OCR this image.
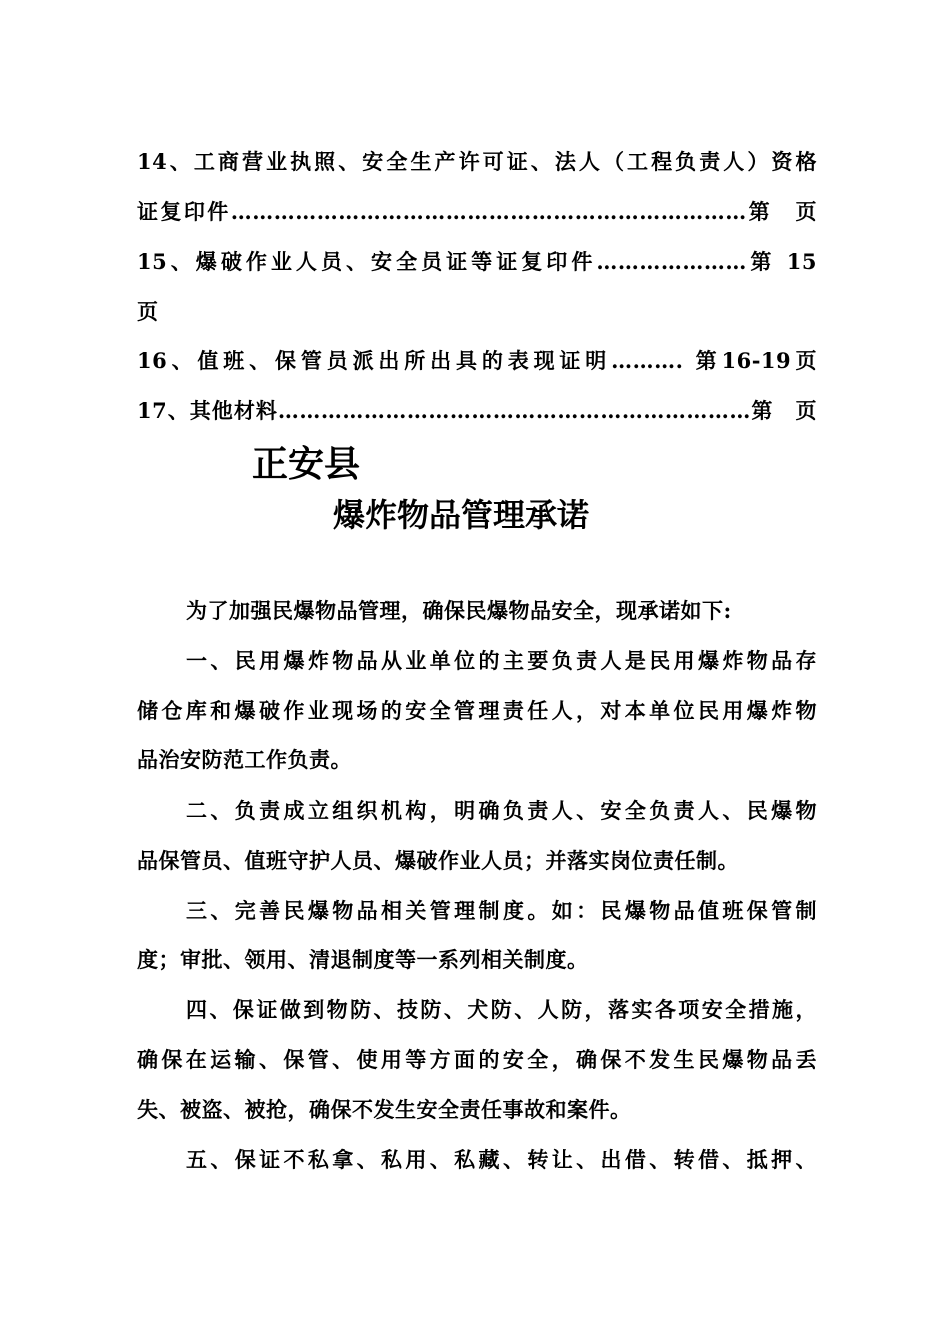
14、工商营业执照、安全生产许可证、法人（工程负责人）资格
证复印件………………………………………………………………第　页
15、爆破作业人员、安全员证等证复印件…………………第 15
页
16、值班、保管员派出所出具的表现证明………. 第16-19页
17、其他材料…………………………………………………………第　页
正安县
爆炸物品管理承诺
为了加强民爆物品管理，确保民爆物品安全，现承诺如下:
一、民用爆炸物品从业单位的主要负责人是民用爆炸物品存
储仓库和爆破作业现场的安全管理责任人，对本单位民用爆炸物
品治安防范工作负责。
二、负责成立组织机构，明确负责人、安全负责人、民爆物
品保管员、值班守护人员、爆破作业人员；并落实岗位责任制。
三、完善民爆物品相关管理制度。如：民爆物品值班保管制
度；审批、领用、清退制度等一系列相关制度。
四、保证做到物防、技防、犬防、人防，落实各项安全措施，
确保在运输、保管、使用等方面的安全，确保不发生民爆物品丢
失、被盗、被抢，确保不发生安全责任事故和案件。
五、保证不私拿、私用、私藏、转让、出借、转借、抵押、
